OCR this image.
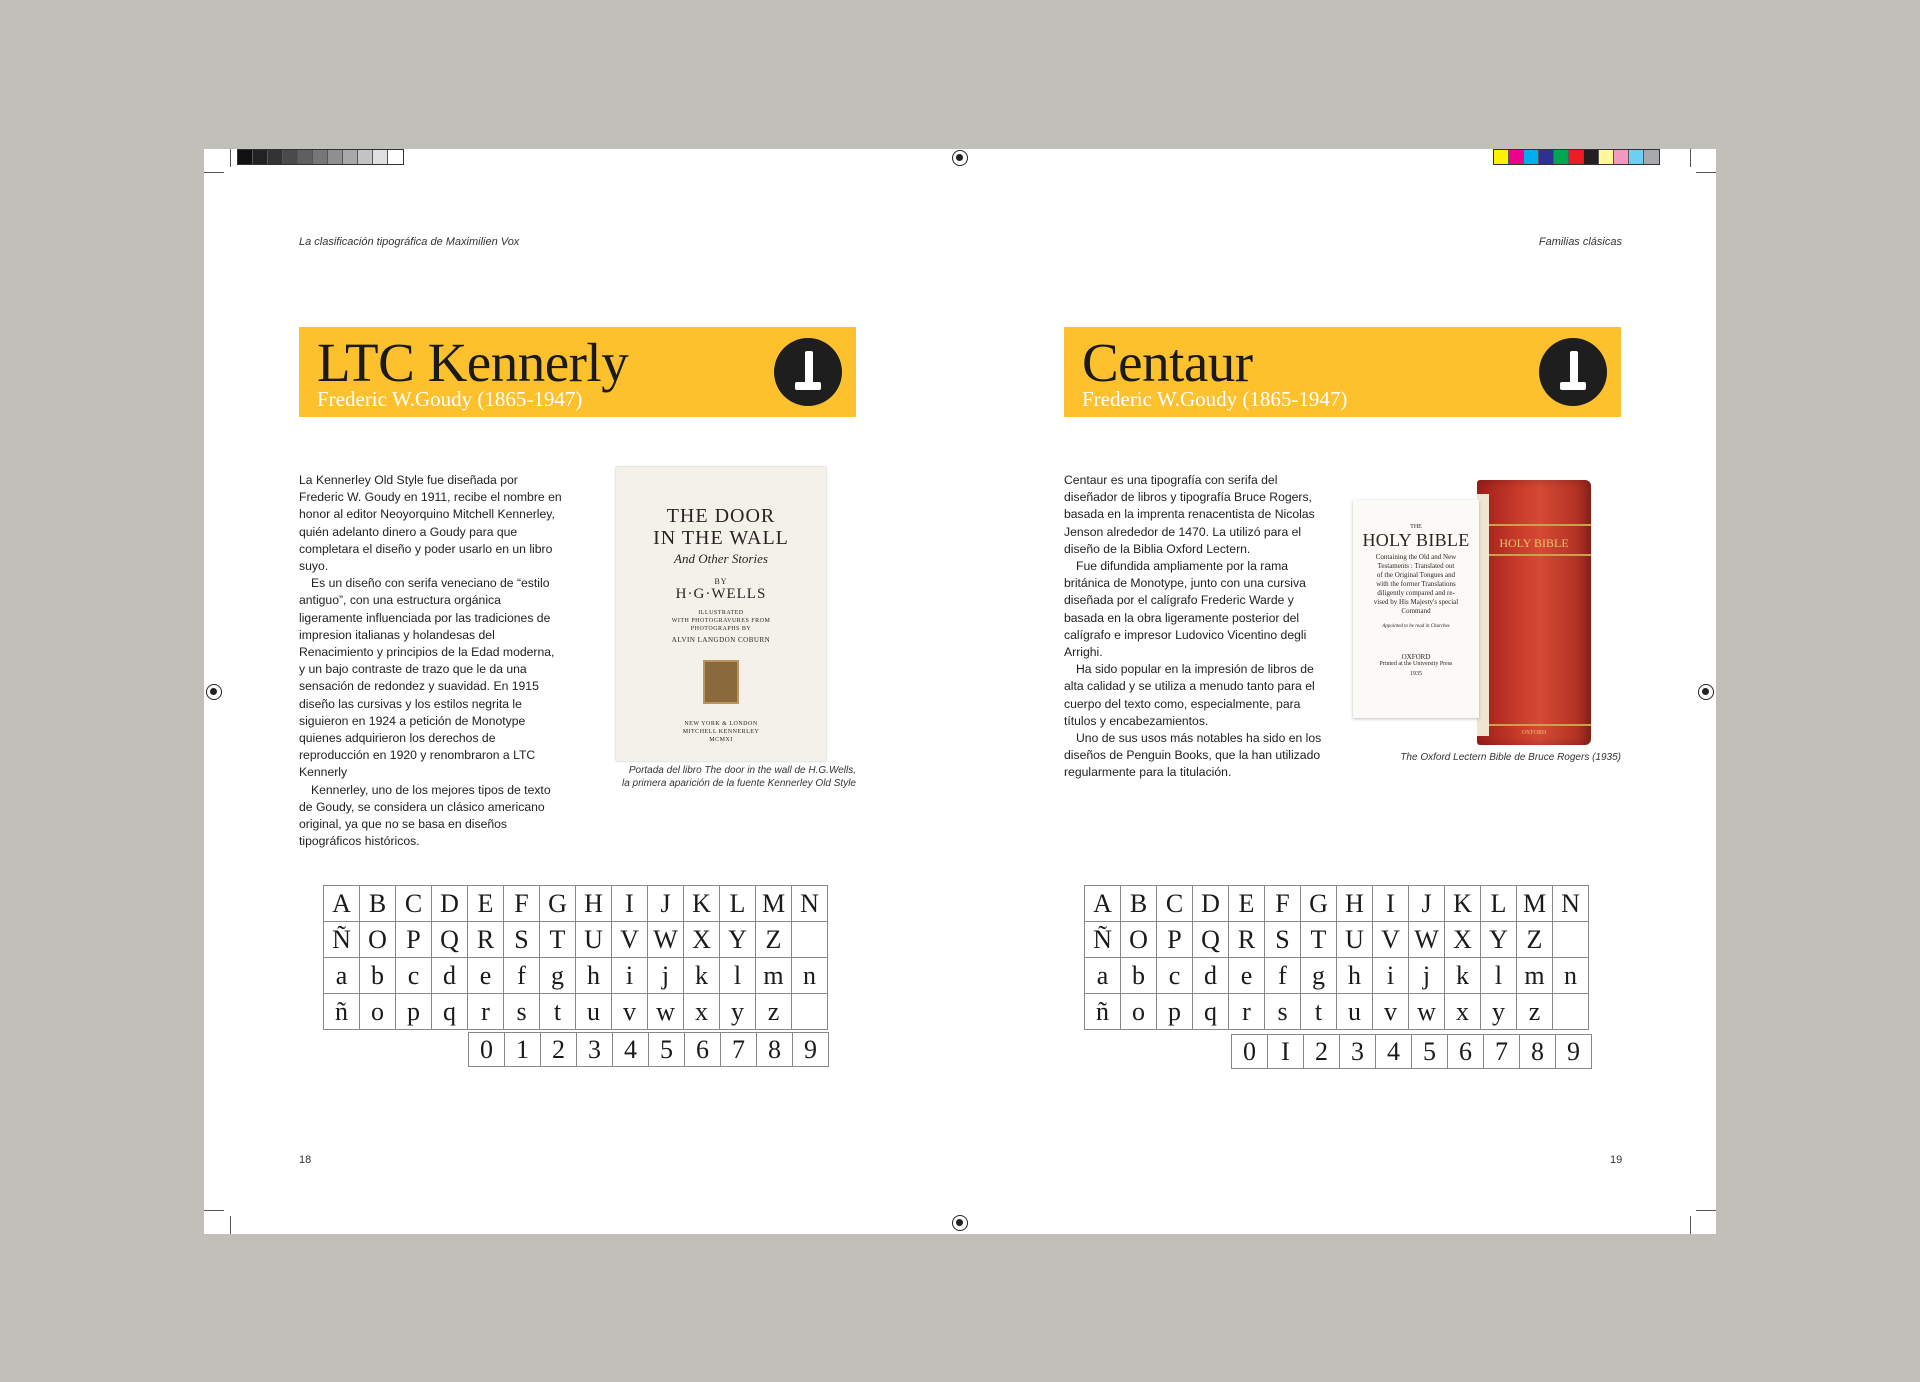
La clasificación tipográfica de Maximilien Vox
LTC Kennerly
Frederic W.Goudy (1865-1947)

La Kennerley Old Style fue diseñada por Frederic W. Goudy en 1911, recibe el nombre en honor al editor Neoyorquino Mitchell Kennerley, quién adelanto dinero a Goudy para que completara el diseño y poder usarlo en un libro suyo.

Es un diseño con serifa veneciano de “estilo antiguo”, con una estructura orgánica ligeramente influenciada por las tradiciones de impresion italianas y holandesas del Renacimiento y principios de la Edad moderna, y un bajo contraste de trazo que le da una sensación de redondez y suavidad. En 1915 diseño las cursivas y los estilos negrita le siguieron en 1924 a petición de Monotype quienes adquirieron los derechos de reproducción en 1920 y renombraron a LTC Kennerly

Kennerley, uno de los mejores tipos de texto de Goudy, se considera un clásico americano original, ya que no se basa en diseños tipográficos históricos.

THE DOOR
IN THE WALL
And Other Stories
BY
H·G·WELLS
ILLUSTRATED
WITH PHOTOGRAVURES FROM
PHOTOGRAPHS BY
ALVIN LANGDON COBURN
NEW YORK & LONDON
MITCHELL KENNERLEY
MCMXI
Portada del libro The door in the wall de H.G.Wells,
la primera aparición de la fuente Kennerley Old Style
A B C D E F G H I	J K L M N
Ñ O P Q R S T U V W X Y Z
a b c d e f g h i	j k l m n
ñ o p q r	s	t u v w x y z
0 1 2 3 4 5 6 7 8 9
18
Familias clásicas
Centaur
Frederic W.Goudy (1865-1947)

Centaur es una tipografía con serifa del diseñador de libros y tipografía Bruce Rogers, basada en la imprenta renacentista de Nicolas Jenson alrededor de 1470. La utilizó para el diseño de la Biblia Oxford Lectern.

Fue difundida ampliamente por la rama británica de Monotype, junto con una cursiva diseñada por el calígrafo Frederic Warde y basada en la obra ligeramente posterior del calígrafo e impresor Ludovico Vicentino degli Arrighi.

Ha sido popular en la impresión de libros de alta calidad y se utiliza a menudo tanto para el cuerpo del texto como, especialmente, para títulos y encabezamientos.

Uno de sus usos más notables ha sido en los diseños de Penguin Books, que la han utilizado regularmente para la titulación.

HOLY BIBLE
OXFORD
THE
HOLY BIBLE
Containing the Old and New
Testaments : Translated out
of the Original Tongues and
with the former Translations
diligently compared and re-
vised by His Majesty's special
Command
Appointed to be read in Churches
OXFORD
Printed at the University Press
1935
The Oxford Lectern Bible de Bruce Rogers (1935)
A B C D E F G H I	J K L M N
Ñ O P Q R S T U V W X Y Z
a b c d e f g h i	j k l m n
ñ o p q r	s	t u v w x y z
0 I 2 3 4 5 6 7 8 9
19
